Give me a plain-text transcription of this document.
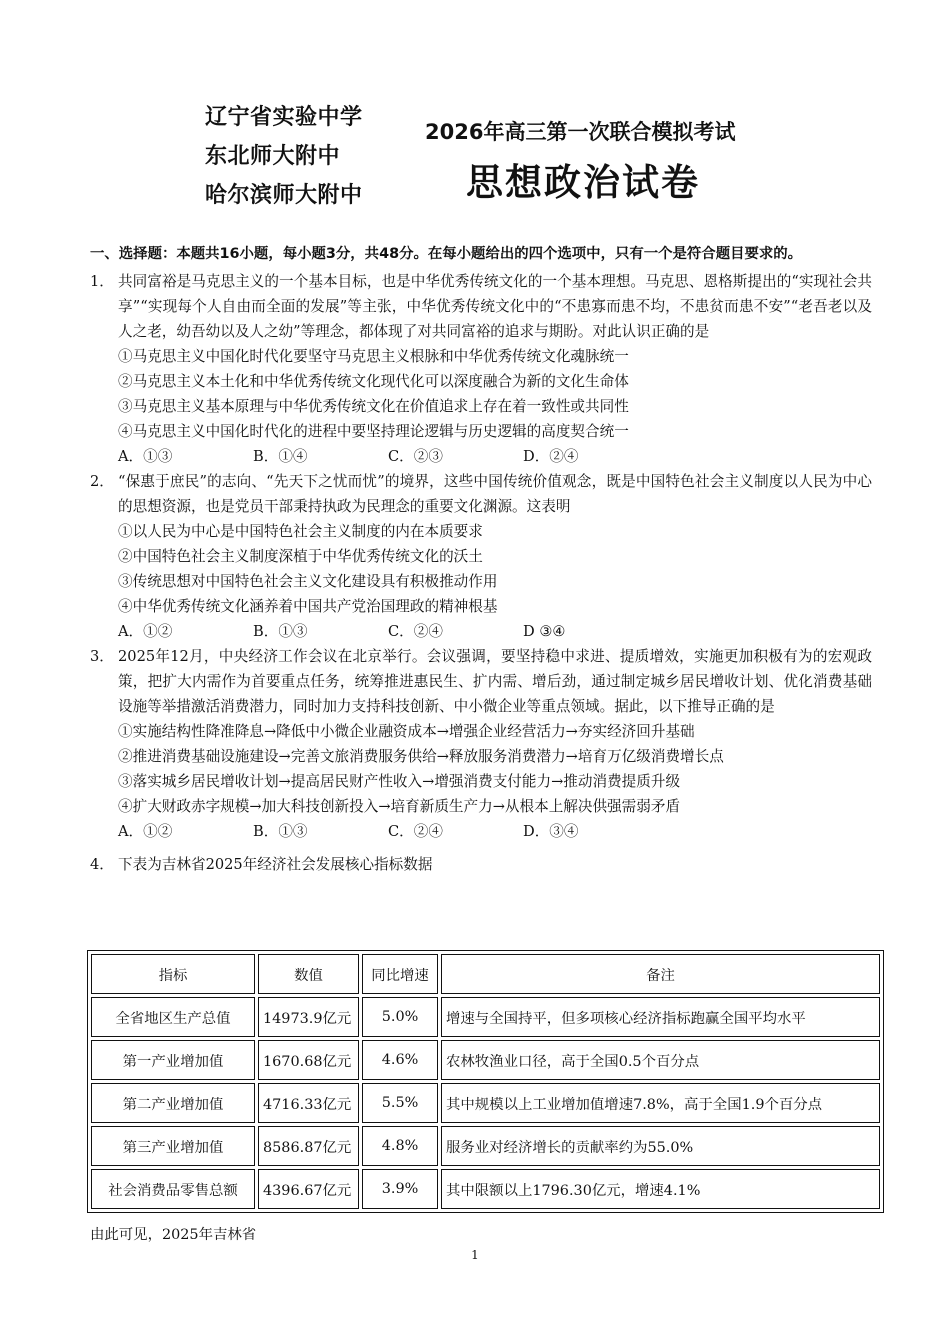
辽宁省实验中学
东北师大附中
哈尔滨师大附中
2026年高三第一次联合模拟考试
思想政治试卷
一、选择题：本题共16小题，每小题3分，共48分。在每小题给出的四个选项中，只有一个是符合题目要求的。
1． 共同富裕是马克思主义的一个基本目标，也是中华优秀传统文化的一个基本理想。马克思、恩格斯提出的“实现社会共享”“实现每个人自由而全面的发展”等主张，中华优秀传统文化中的“不患寡而患不均，不患贫而患不安”“老吾老以及人之老，幼吾幼以及人之幼”等理念，都体现了对共同富裕的追求与期盼。对此认识正确的是
①马克思主义中国化时代化要坚守马克思主义根脉和中华优秀传统文化魂脉统一
②马克思主义本土化和中华优秀传统文化现代化可以深度融合为新的文化生命体
③马克思主义基本原理与中华优秀传统文化在价值追求上存在着一致性或共同性
④马克思主义中国化时代化的进程中要坚持理论逻辑与历史逻辑的高度契合统一
A．①③	B．①④	C．②③	D．②④
2． “保惠于庶民”的志向、“先天下之忧而忧”的境界，这些中国传统价值观念，既是中国特色社会主义制度以人民为中心的思想资源，也是党员干部秉持执政为民理念的重要文化渊源。这表明
①以人民为中心是中国特色社会主义制度的内在本质要求
②中国特色社会主义制度深植于中华优秀传统文化的沃土
③传统思想对中国特色社会主义文化建设具有积极推动作用
④中华优秀传统文化涵养着中国共产党治国理政的精神根基
A．①②	B．①③	C．②④	D ③④
3． 2025年12月，中央经济工作会议在北京举行。会议强调，要坚持稳中求进、提质增效，实施更加积极有为的宏观政策，把扩大内需作为首要重点任务，统筹推进惠民生、扩内需、增后劲，通过制定城乡居民增收计划、优化消费基础设施等举措激活消费潜力，同时加力支持科技创新、中小微企业等重点领域。据此，以下推导正确的是
①实施结构性降准降息→降低中小微企业融资成本→增强企业经营活力→夯实经济回升基础
②推进消费基础设施建设→完善文旅消费服务供给→释放服务消费潜力→培育万亿级消费增长点
③落实城乡居民增收计划→提高居民财产性收入→增强消费支付能力→推动消费提质升级
④扩大财政赤字规模→加大科技创新投入→培育新质生产力→从根本上解决供强需弱矛盾
A．①②	B．①③	C．②④	D．③④
4． 下表为吉林省2025年经济社会发展核心指标数据
指标	数值	同比增速	备注
全省地区生产总值	14973.9亿元	5.0%	增速与全国持平，但多项核心经济指标跑赢全国平均水平
第一产业增加值	1670.68亿元	4.6%	农林牧渔业口径，高于全国0.5个百分点
第二产业增加值	4716.33亿元	5.5%	其中规模以上工业增加值增速7.8%，高于全国1.9个百分点
第三产业增加值	8586.87亿元	4.8%	服务业对经济增长的贡献率约为55.0%
社会消费品零售总额	4396.67亿元	3.9%	其中限额以上1796.30亿元，增速4.1%
由此可见，2025年吉林省
1
